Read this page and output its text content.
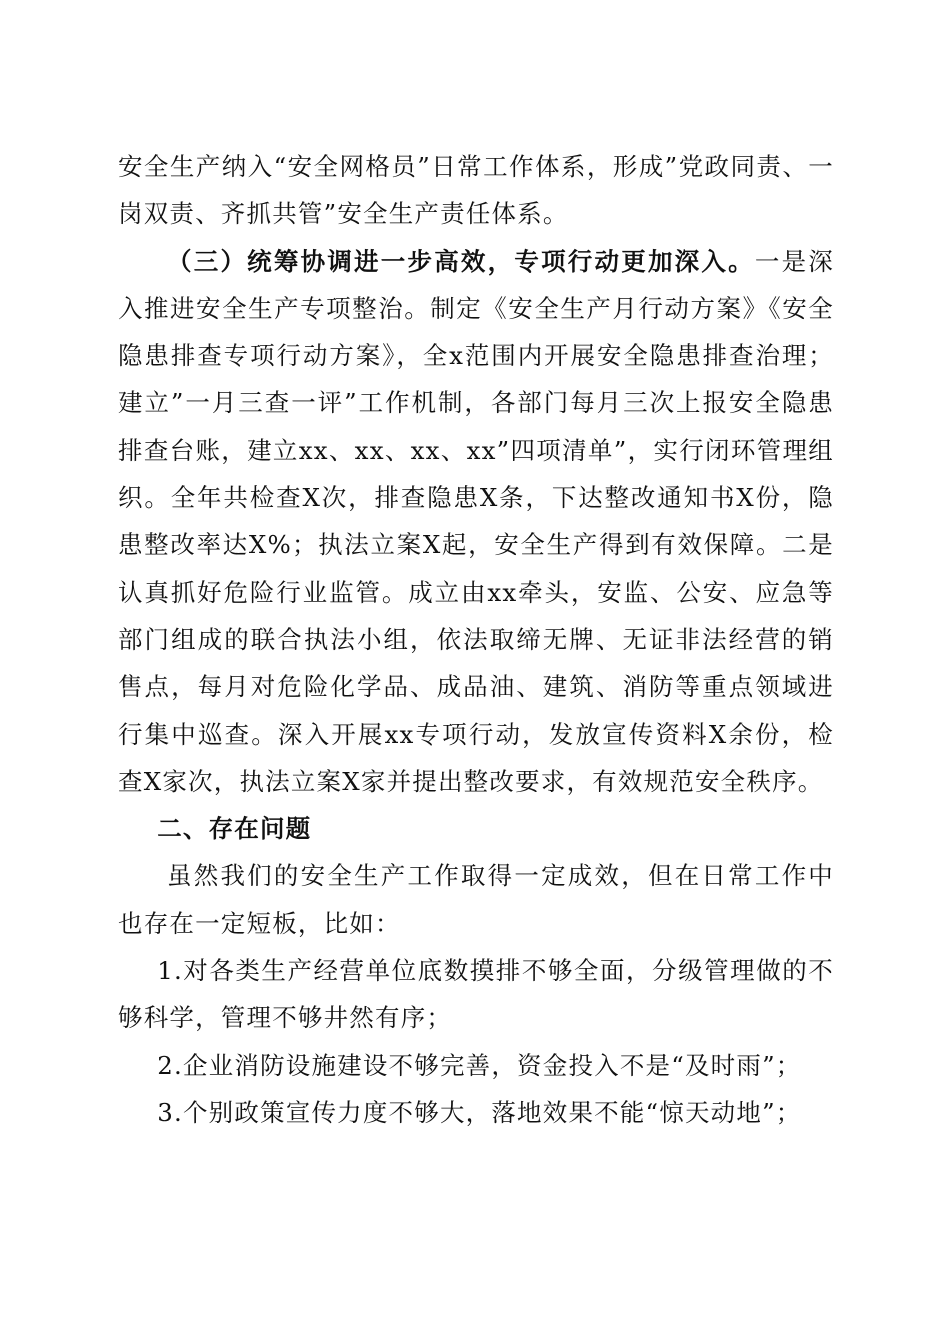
安全生产纳入“安全网格员”日常工作体系，形成”党政同责、一岗双责、齐抓共管”安全生产责任体系。

（三）统筹协调进一步高效，专项行动更加深入。一是深入推进安全生产专项整治。制定《安全生产月行动方案》《安全隐患排查专项行动方案》，全x范围内开展安全隐患排查治理；建立”一月三查一评”工作机制，各部门每月三次上报安全隐患排查台账，建立xx、xx、xx、xx”四项清单”，实行闭环管理组织。全年共检查X次，排查隐患X条，下达整改通知书X份，隐患整改率达X%；执法立案X起，安全生产得到有效保障。二是认真抓好危险行业监管。成立由xx牵头，安监、公安、应急等部门组成的联合执法小组，依法取缔无牌、无证非法经营的销售点，每月对危险化学品、成品油、建筑、消防等重点领域进行集中巡查。深入开展xx专项行动，发放宣传资料X余份，检查X家次，执法立案X家并提出整改要求，有效规范安全秩序。

二、存在问题

虽然我们的安全生产工作取得一定成效，但在日常工作中也存在一定短板，比如：

1.对各类生产经营单位底数摸排不够全面，分级管理做的不够科学，管理不够井然有序；

2.企业消防设施建设不够完善，资金投入不是“及时雨”；

3.个别政策宣传力度不够大，落地效果不能“惊天动地”；
